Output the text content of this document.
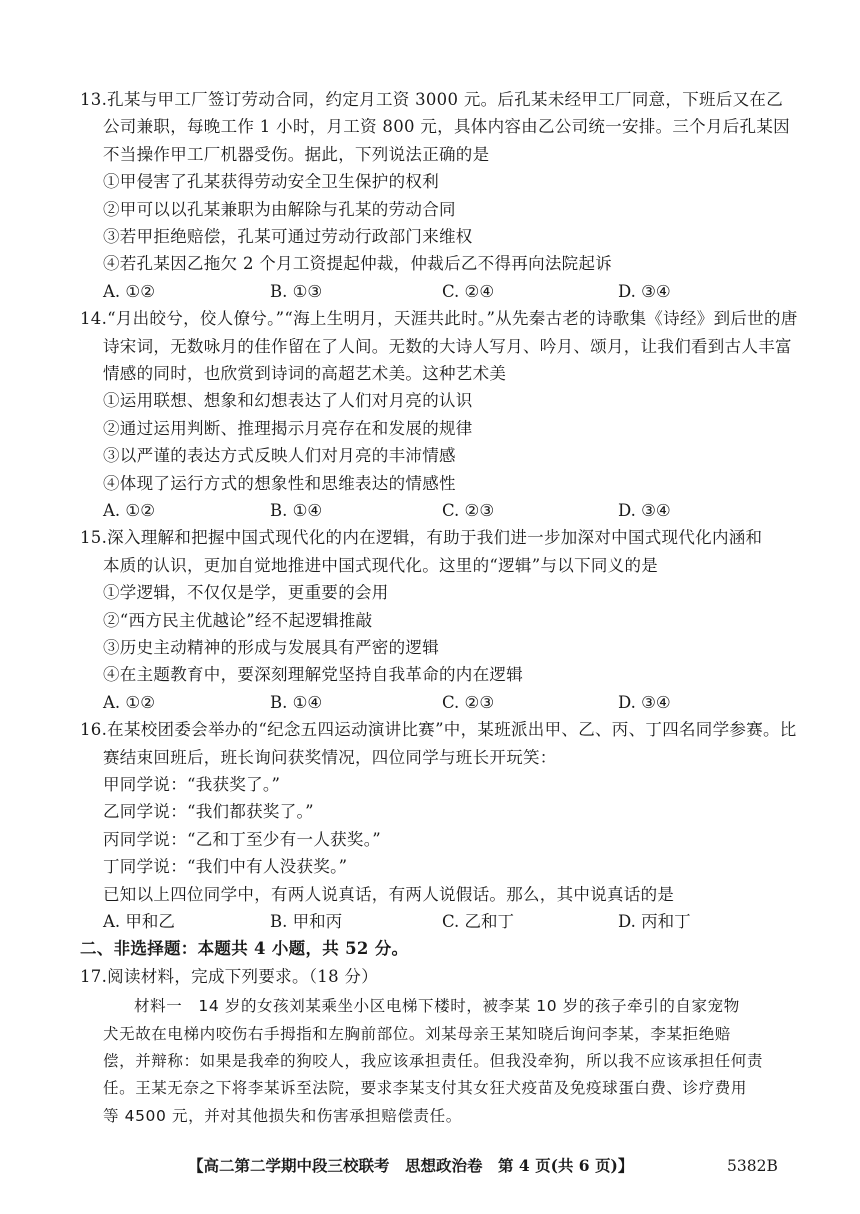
13.孔某与甲工厂签订劳动合同，约定月工资 3000 元。后孔某未经甲工厂同意，下班后又在乙
公司兼职，每晚工作 1 小时，月工资 800 元，具体内容由乙公司统一安排。三个月后孔某因
不当操作甲工厂机器受伤。据此，下列说法正确的是
①甲侵害了孔某获得劳动安全卫生保护的权利
②甲可以以孔某兼职为由解除与孔某的劳动合同
③若甲拒绝赔偿，孔某可通过劳动行政部门来维权
④若孔某因乙拖欠 2 个月工资提起仲裁，仲裁后乙不得再向法院起诉
A. ①②	B. ①③	C. ②④	D. ③④
14.“月出皎兮，佼人僚兮。”“海上生明月，天涯共此时。”从先秦古老的诗歌集《诗经》到后世的唐
诗宋词，无数咏月的佳作留在了人间。无数的大诗人写月、吟月、颂月，让我们看到古人丰富
情感的同时，也欣赏到诗词的高超艺术美。这种艺术美
①运用联想、想象和幻想表达了人们对月亮的认识
②通过运用判断、推理揭示月亮存在和发展的规律
③以严谨的表达方式反映人们对月亮的丰沛情感
④体现了运行方式的想象性和思维表达的情感性
A. ①②	B. ①④	C. ②③	D. ③④
15.深入理解和把握中国式现代化的内在逻辑，有助于我们进一步加深对中国式现代化内涵和
本质的认识，更加自觉地推进中国式现代化。这里的“逻辑”与以下同义的是
①学逻辑，不仅仅是学，更重要的会用
②“西方民主优越论”经不起逻辑推敲
③历史主动精神的形成与发展具有严密的逻辑
④在主题教育中，要深刻理解党坚持自我革命的内在逻辑
A. ①②	B. ①④	C. ②③	D. ③④
16.在某校团委会举办的“纪念五四运动演讲比赛”中，某班派出甲、乙、丙、丁四名同学参赛。比
赛结束回班后，班长询问获奖情况，四位同学与班长开玩笑：
甲同学说：“我获奖了。”
乙同学说：“我们都获奖了。”
丙同学说：“乙和丁至少有一人获奖。”
丁同学说：“我们中有人没获奖。”
已知以上四位同学中，有两人说真话，有两人说假话。那么，其中说真话的是
A. 甲和乙	B. 甲和丙	C. 乙和丁	D. 丙和丁
二、非选择题：本题共 4 小题，共 52 分。
17.阅读材料，完成下列要求。（18 分）
材料一　14 岁的女孩刘某乘坐小区电梯下楼时，被李某 10 岁的孩子牵引的自家宠物
犬无故在电梯内咬伤右手拇指和左胸前部位。刘某母亲王某知晓后询问李某，李某拒绝赔
偿，并辩称：如果是我牵的狗咬人，我应该承担责任。但我没牵狗，所以我不应该承担任何责
任。王某无奈之下将李某诉至法院，要求李某支付其女狂犬疫苗及免疫球蛋白费、诊疗费用
等 4500 元，并对其他损失和伤害承担赔偿责任。
【高二第二学期中段三校联考　思想政治卷　第 4 页(共 6 页)】	5382B
